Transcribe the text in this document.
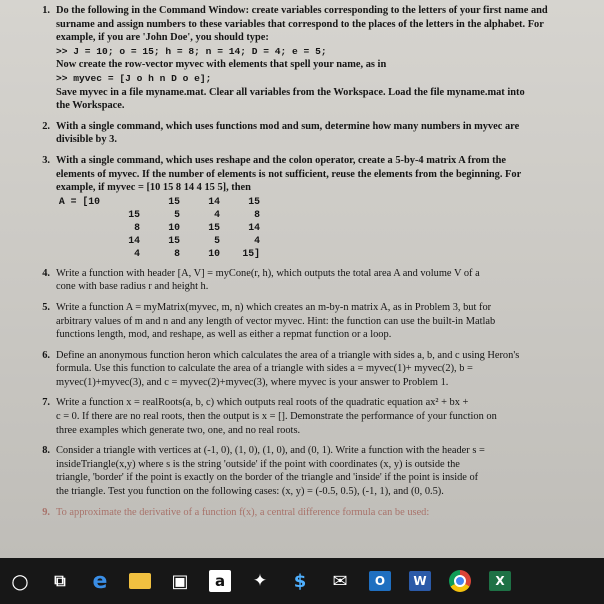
1. Do the following in the Command Window: create variables corresponding to the letters of your first name and
surname and assign numbers to these variables that correspond to the places of the letters in the alphabet. For
example, if you are 'John Doe', you should type:
>> J = 10; o = 15; h = 8; n = 14; D = 4; e = 5;
Now create the row-vector myvec with elements that spell your name, as in
>> myvec = [J o h n D o e];
Save myvec in a file myname.mat. Clear all variables from the Workspace. Load the file myname.mat into
the Workspace.
2. With a single command, which uses functions mod and sum, determine how many numbers in myvec are
divisible by 3.
3. With a single command, which uses reshape and the colon operator, create a 5-by-4 matrix A from the
elements of myvec. If the number of elements is not sufficient, reuse the elements from the beginning. For
example, if myvec = [10 15 8 14 4 15 5], then
A = [10	15	14	15
15	5	4	8
8	10	15	14
14	15	5	4
4	8	10	15]
4. Write a function with header [A, V] = myCone(r, h), which outputs the total area A and volume V of a
cone with base radius r and height h.
5. Write a function A = myMatrix(myvec, m, n) which creates an m-by-n matrix A, as in Problem 3, but for
arbitrary values of m and n and any length of vector myvec. Hint: the function can use the built-in Matlab
functions length, mod, and reshape, as well as either a repmat function or a loop.
6. Define an anonymous function heron which calculates the area of a triangle with sides a, b, and c using Heron's
formula. Use this function to calculate the area of a triangle with sides a = myvec(1)+ myvec(2), b =
myvec(1)+myvec(3), and c = myvec(2)+myvec(3), where myvec is your answer to Problem 1.
7. Write a function x = realRoots(a, b, c) which outputs real roots of the quadratic equation ax² + bx +
c = 0. If there are no real roots, then the output is x = []. Demonstrate the performance of your function on
three examples which generate two, one, and no real roots.
8. Consider a triangle with vertices at (-1, 0), (1, 0), (1, 0), and (0, 1). Write a function with the header s =
insideTriangle(x,y) where s is the string 'outside' if the point with coordinates (x, y) is outside the
triangle, 'border' if the point is exactly on the border of the triangle and 'inside' if the point is inside of
the triangle. Test you function on the following cases: (x, y) = (-0.5, 0.5), (-1, 1), and (0, 0.5).
9. To approximate the derivative of a function f(x), a central difference formula can be used:
○	⧉	e	▣	a	✦	$	✉	O	W	X
